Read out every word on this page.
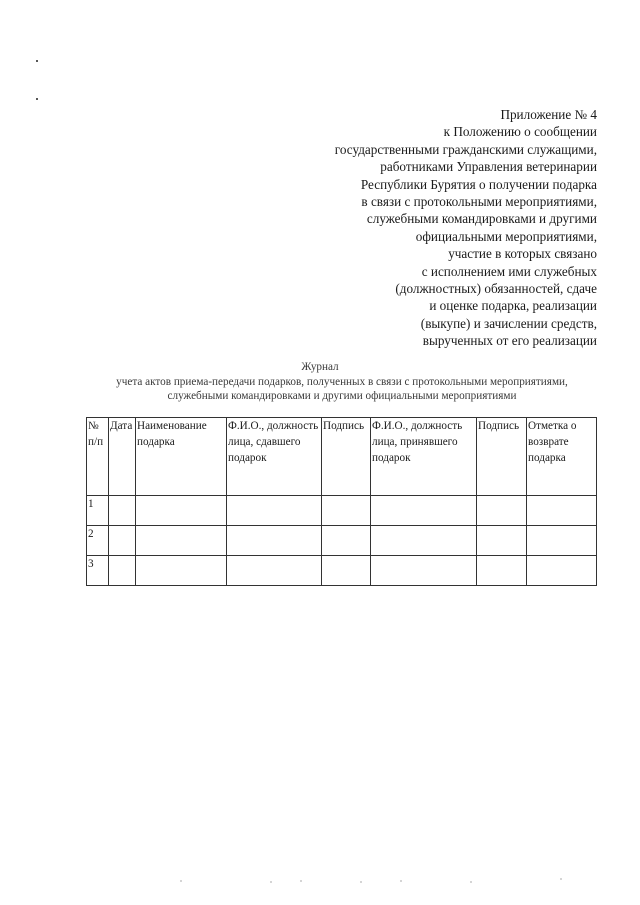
Приложение № 4
к Положению о сообщении
государственными гражданскими служащими,
работниками Управления ветеринарии
Республики Бурятия о получении подарка
в связи с протокольными мероприятиями,
служебными командировками и другими
официальными мероприятиями,
участие в которых связано
с исполнением ими служебных
(должностных) обязанностей, сдаче
и оценке подарка, реализации
(выкупе) и зачислении средств,
вырученных от его реализации
Журнал
учета актов приема-передачи подарков, полученных в связи с протокольными мероприятиями, служебными командировками и другими официальными мероприятиями
№ п/п	Дата	Наименование подарка	Ф.И.О., должность лица, сдавшего подарок	Подпись	Ф.И.О., должность лица, принявшего подарок	Подпись	Отметка о возврате подарка
1							
2							
3							
